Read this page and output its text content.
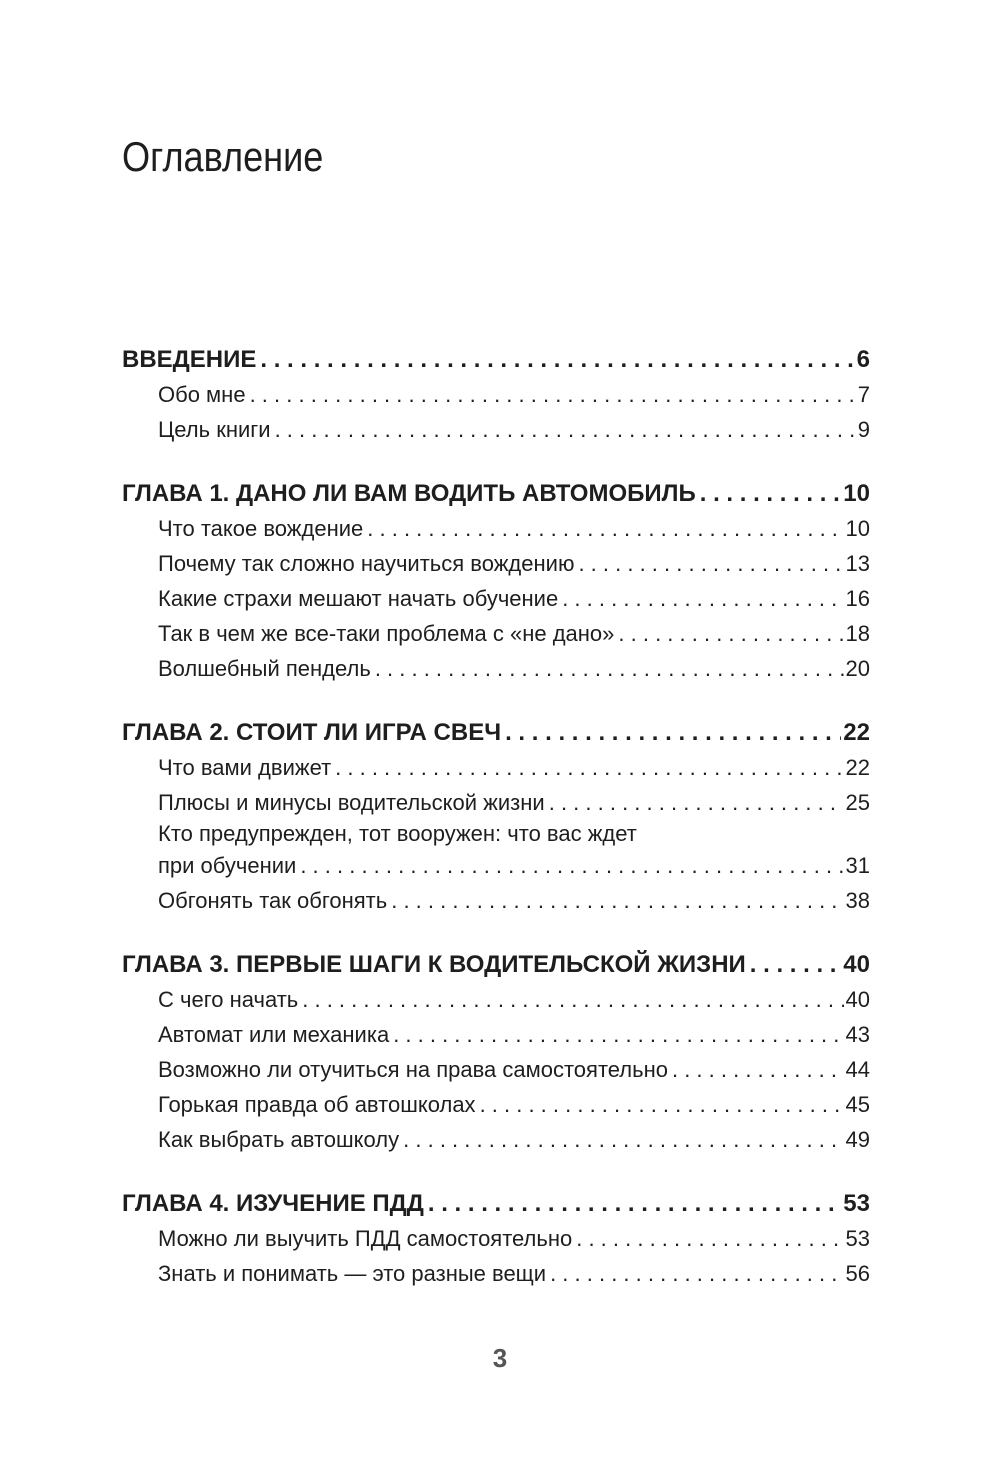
Оглавление
ВВЕДЕНИЕ . . .	6
Обо мне . . .	7
Цель книги . . .	9
ГЛАВА 1. ДАНО ЛИ ВАМ ВОДИТЬ АВТОМОБИЛЬ . . .	10
Что такое вождение . . .	10
Почему так сложно научиться вождению . . .	13
Какие страхи мешают начать обучение . . .	16
Так в чем же все-таки проблема с «не дано» . . .	18
Волшебный пендель . . .	20
ГЛАВА 2. СТОИТ ЛИ ИГРА СВЕЧ . . .	22
Что вами движет . . .	22
Плюсы и минусы водительской жизни . . .	25
Кто предупрежден, тот вооружен: что вас ждет
при обучении . . .	31
Обгонять так обгонять . . .	38
ГЛАВА 3. ПЕРВЫЕ ШАГИ К ВОДИТЕЛЬСКОЙ ЖИЗНИ . . .	40
С чего начать . . .	40
Автомат или механика . . .	43
Возможно ли отучиться на права самостоятельно . . .	44
Горькая правда об автошколах . . .	45
Как выбрать автошколу . . .	49
ГЛАВА 4. ИЗУЧЕНИЕ ПДД . . .	53
Можно ли выучить ПДД самостоятельно . . .	53
Знать и понимать — это разные вещи . . .	56
3
